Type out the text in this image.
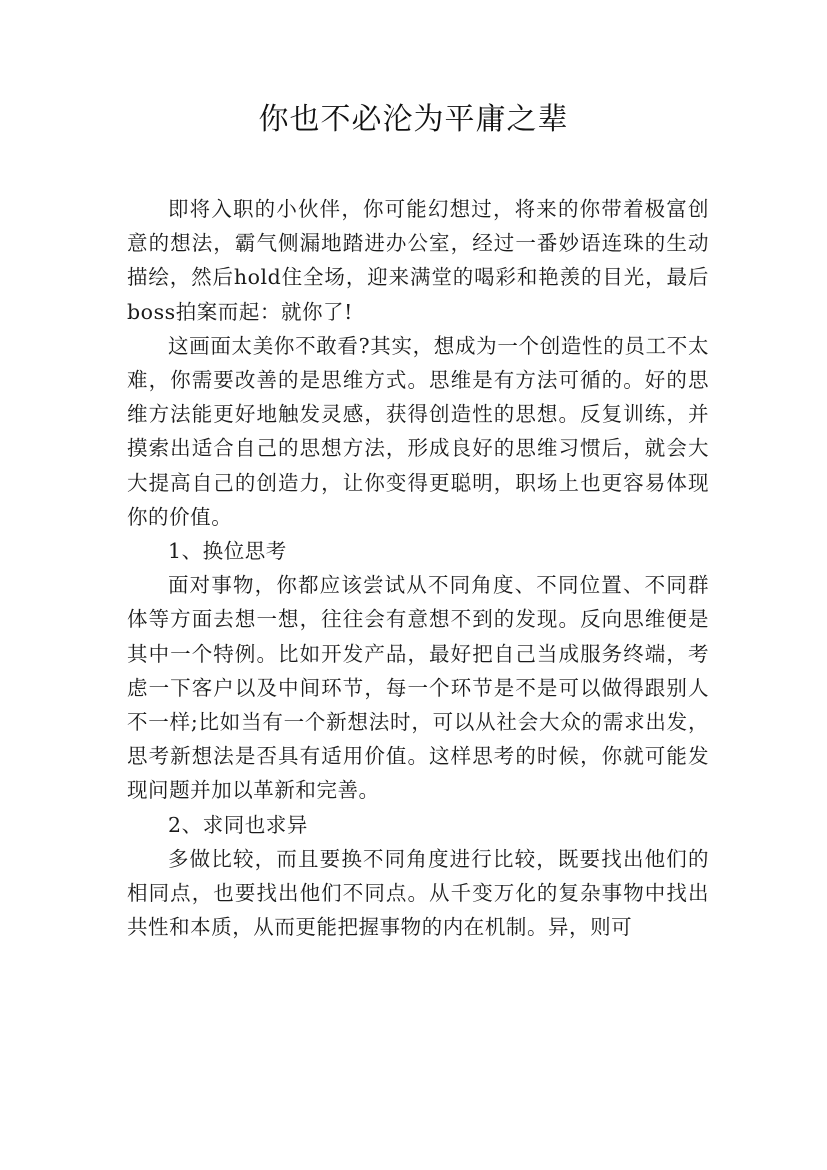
你也不必沦为平庸之辈

即将入职的小伙伴，你可能幻想过，将来的你带着极富创意的想法，霸气侧漏地踏进办公室，经过一番妙语连珠的生动描绘，然后hold住全场，迎来满堂的喝彩和艳羡的目光，最后boss拍案而起：就你了!

这画面太美你不敢看?其实，想成为一个创造性的员工不太难，你需要改善的是思维方式。思维是有方法可循的。好的思维方法能更好地触发灵感，获得创造性的思想。反复训练，并摸索出适合自己的思想方法，形成良好的思维习惯后，就会大大提高自己的创造力，让你变得更聪明，职场上也更容易体现你的价值。

1、换位思考

面对事物，你都应该尝试从不同角度、不同位置、不同群体等方面去想一想，往往会有意想不到的发现。反向思维便是其中一个特例。比如开发产品，最好把自己当成服务终端，考虑一下客户以及中间环节，每一个环节是不是可以做得跟别人不一样;比如当有一个新想法时，可以从社会大众的需求出发，思考新想法是否具有适用价值。这样思考的时候，你就可能发现问题并加以革新和完善。

2、求同也求异

多做比较，而且要换不同角度进行比较，既要找出他们的相同点，也要找出他们不同点。从千变万化的复杂事物中找出共性和本质，从而更能把握事物的内在机制。异，则可
